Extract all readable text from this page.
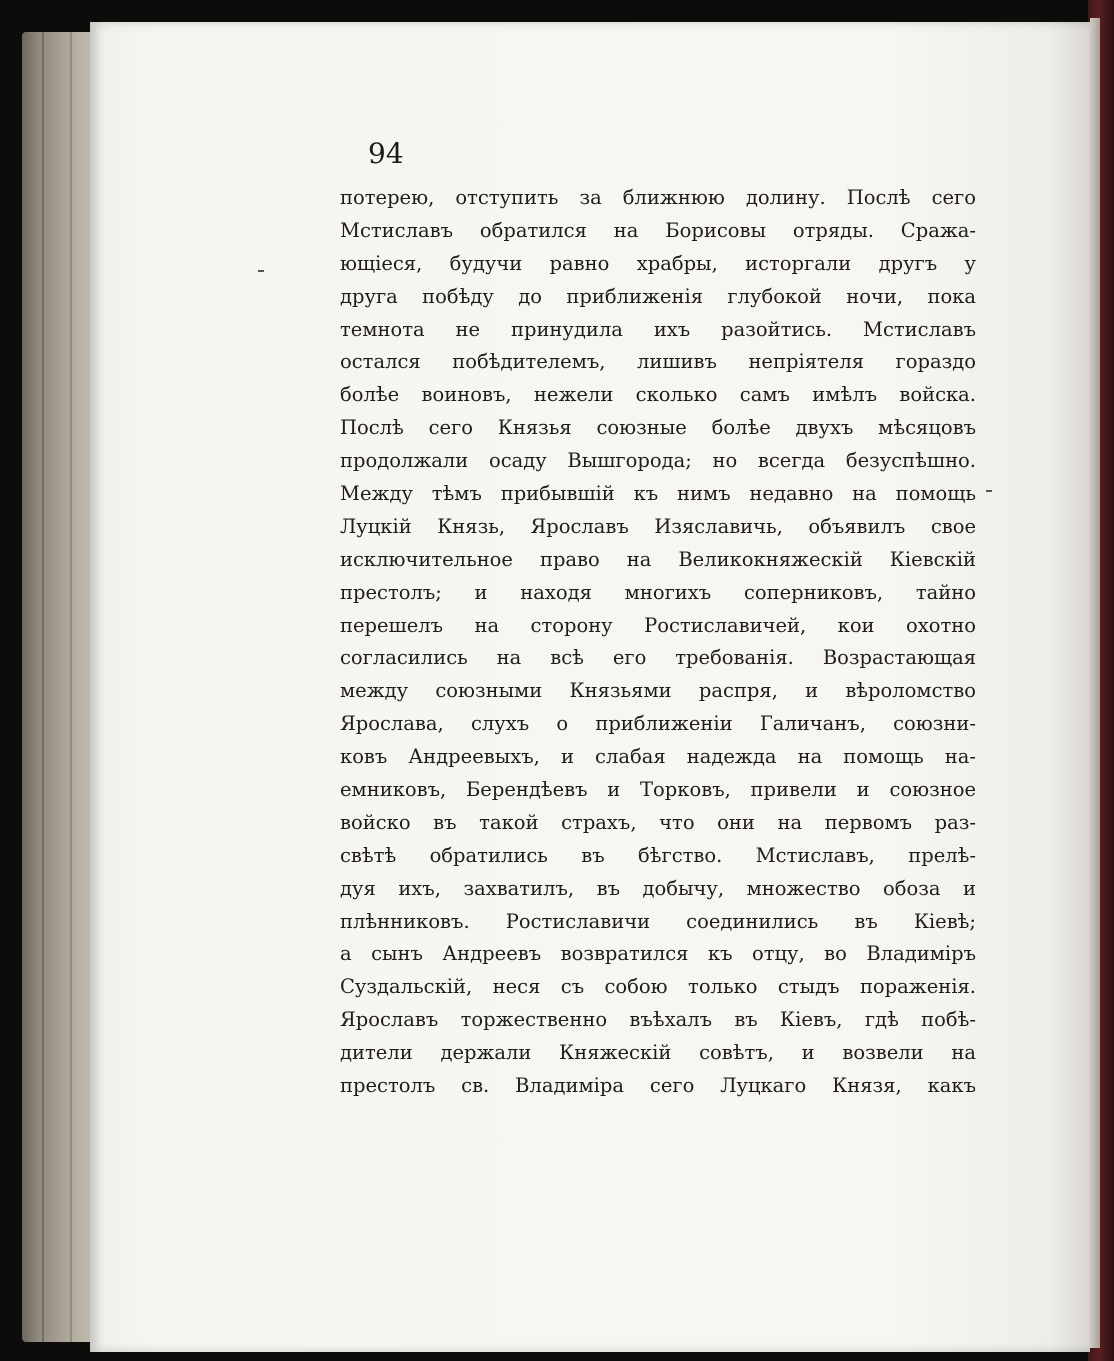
94
потерею, отступить за ближнюю долину. Послѣ сего
Мстиславъ обратился на Борисовы отряды. Сража-
ющіеся, будучи равно храбры, исторгали другъ у
друга побѣду до приближенія глубокой ночи, пока
темнота не принудила ихъ разойтись. Мстиславъ
остался побѣдителемъ, лишивъ непріятеля гораздо
болѣе воиновъ, нежели сколько самъ имѣлъ войска.
Послѣ сего Князья союзные болѣе двухъ мѣсяцовъ
продолжали осаду Вышгорода; но всегда безуспѣшно.
Между тѣмъ прибывшій къ нимъ недавно на помощь
Луцкій Князь, Ярославъ Изяславичь, объявилъ свое
исключительное право на Великокняжескій Кіевскій
престолъ; и находя многихъ соперниковъ, тайно
перешелъ на сторону Ростиславичей, кои охотно
согласились на всѣ его требованія. Возрастающая
между союзными Князьями распря, и вѣроломство
Ярослава, слухъ о приближеніи Галичанъ, союзни-
ковъ Андреевыхъ, и слабая надежда на помощь на-
емниковъ, Берендѣевъ и Торковъ, привели и союзное
войско въ такой страхъ, что они на первомъ раз-
свѣтѣ обратились въ бѣгство. Мстиславъ, прелѣ-
дуя ихъ, захватилъ, въ добычу, множество обоза и
плѣнниковъ. Ростиславичи соединились въ Кіевѣ;
а сынъ Андреевъ возвратился къ отцу, во Владиміръ
Суздальскій, неся съ собою только стыдъ пораженія.
Ярославъ торжественно въѣхалъ въ Кіевъ, гдѣ побѣ-
дители держали Княжескій совѣтъ, и возвели на
престолъ св. Владиміра сего Луцкаго Князя, какъ
